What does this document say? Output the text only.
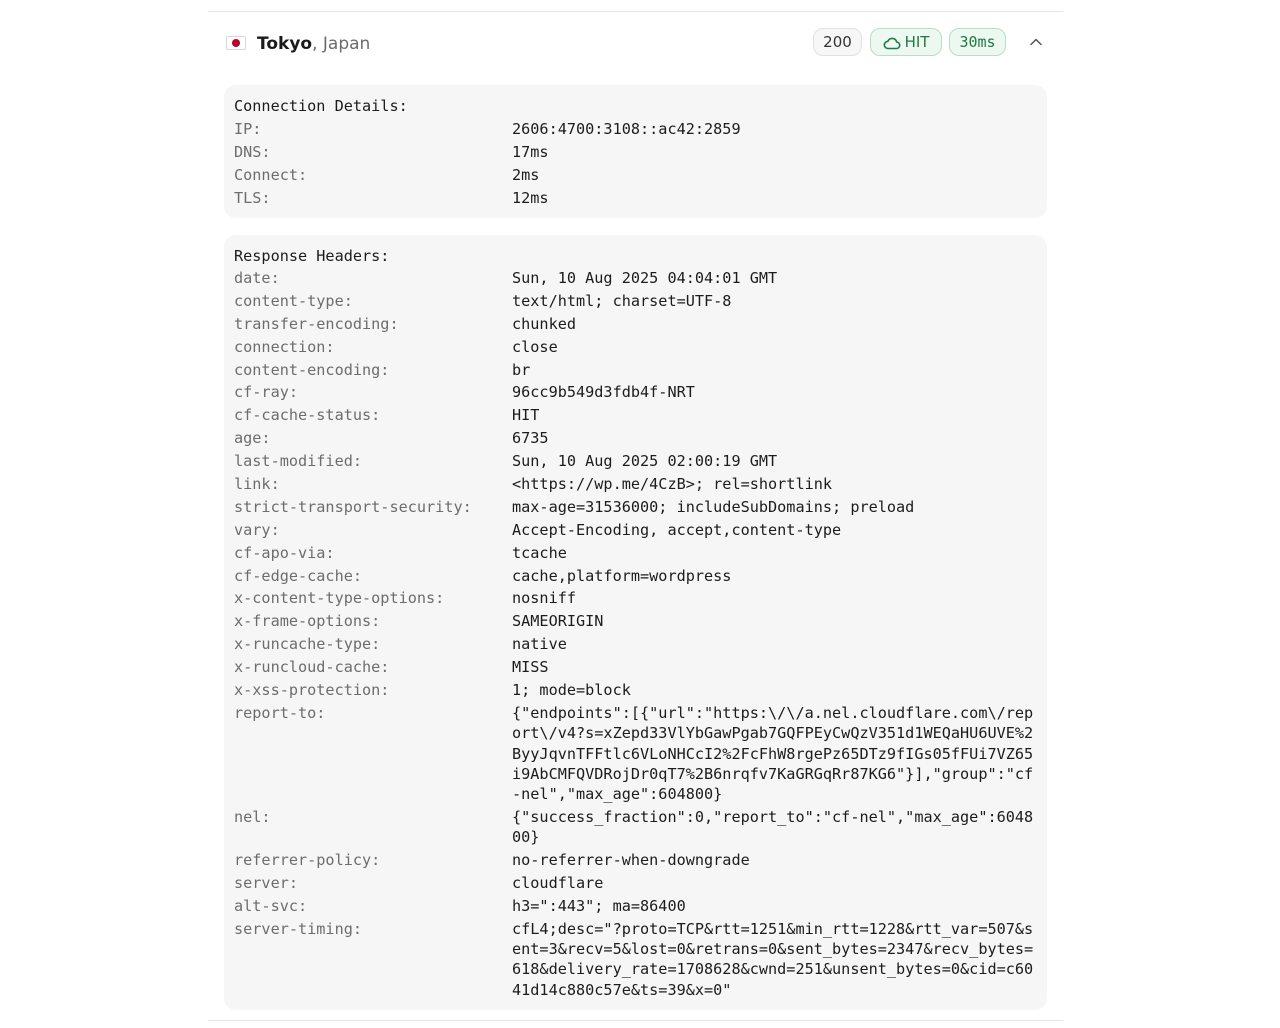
Tokyo, Japan	200	HIT	30ms
Connection Details:
IP:	2606:4700:3108::ac42:2859
DNS:	17ms
Connect:	2ms
TLS:	12ms
Response Headers:
date:	Sun, 10 Aug 2025 04:04:01 GMT
content-type:	text/html; charset=UTF-8
transfer-encoding:	chunked
connection:	close
content-encoding:	br
cf-ray:	96cc9b549d3fdb4f-NRT
cf-cache-status:	HIT
age:	6735
last-modified:	Sun, 10 Aug 2025 02:00:19 GMT
link:	<https://wp.me/4CzB>; rel=shortlink
strict-transport-security:	max-age=31536000; includeSubDomains; preload
vary:	Accept-Encoding, accept,content-type
cf-apo-via:	tcache
cf-edge-cache:	cache,platform=wordpress
x-content-type-options:	nosniff
x-frame-options:	SAMEORIGIN
x-runcache-type:	native
x-runcloud-cache:	MISS
x-xss-protection:	1; mode=block
report-to:	{"endpoints":[{"url":"https:\/\/a.nel.cloudflare.com\/report\/v4?s=xZepd33VlYbGawPgab7GQFPEyCwQzV351d1WEQaHU6UVE%2ByyJqvnTFFtlc6VLoNHCcI2%2FcFhW8rgePz65DTz9fIGs05fFUi7VZ65i9AbCMFQVDRojDr0qT7%2B6nrqfv7KaGRGqRr87KG6"}],"group":"cf-nel","max_age":604800}
nel:	{"success_fraction":0,"report_to":"cf-nel","max_age":604800}
referrer-policy:	no-referrer-when-downgrade
server:	cloudflare
alt-svc:	h3=":443"; ma=86400
server-timing:	cfL4;desc="?proto=TCP&rtt=1251&min_rtt=1228&rtt_var=507&sent=3&recv=5&lost=0&retrans=0&sent_bytes=2347&recv_bytes=618&delivery_rate=1708628&cwnd=251&unsent_bytes=0&cid=c6041d14c880c57e&ts=39&x=0"
